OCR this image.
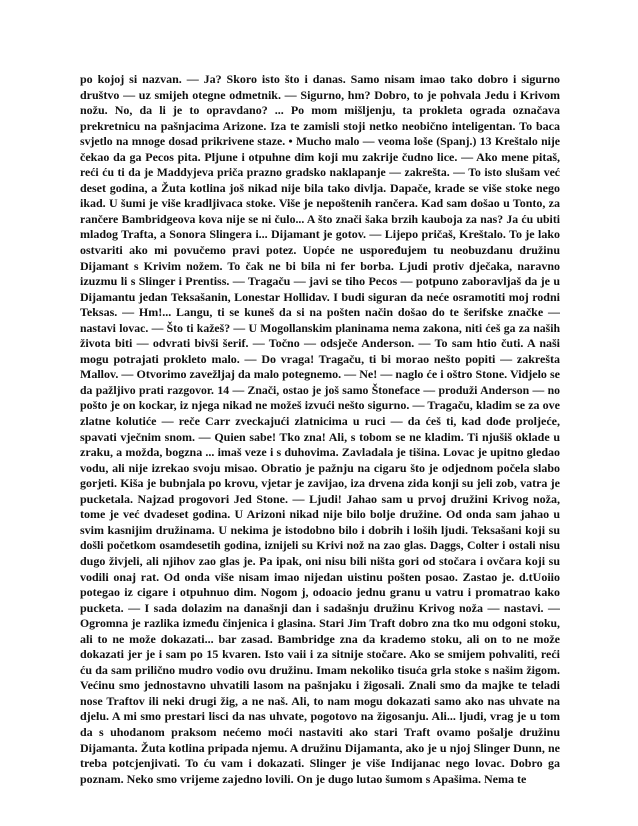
po kojoj si nazvan. — Ja? Skoro isto što i danas. Samo nisam imao tako dobro i sigurno
društvo — uz smijeh otegne odmetnik. — Sigurno, hm? Dobro, to je pohvala Jedu i Krivom
nožu. No, da li je to opravdano? ... Po mom mišljenju, ta prokleta ograda označava
prekretnicu na pašnjacima Arizone. Iza te zamisli stoji netko neobično inteligentan. To baca
svjetlo na mnoge dosad prikrivene staze. • Mucho malo — veoma loše (Spanj.) 13 Kreštalo nije
čekao da ga Pecos pita. Pljune i otpuhne dim koji mu zakrije čudno lice. — Ako mene pitaš,
reći ću ti da je Maddyjeva priča prazno gradsko naklapanje — zakrešta. — To isto slušam već
deset godina, a Žuta kotlina još nikad nije bila tako divlja. Dapače, krade se više stoke nego
ikad. U šumi je više kradljivaca stoke. Više je nepoštenih rančera. Kad sam došao u Tonto, za
rančere Bambridgeova kova nije se ni čulo... A što znači šaka brzih kauboja za nas? Ja ću ubiti
mladog Trafta, a Sonora Slingera i... Dijamant je gotov. — Lijepo pričaš, Kreštalo. To je lako
ostvariti ako mi povučemo pravi potez. Uopće ne uspoređujem tu neobuzdanu družinu
Dijamant s Krivim nožem. To čak ne bi bila ni fer borba. Ljudi protiv dječaka, naravno
izuzmu li s Slinger i Prentiss. — Tragaču — javi se tiho Pecos — potpuno zaboravljaš da je u
Dijamantu jedan Teksašanin, Lonestar Hollidav. I budi siguran da neće osramotiti moj rodni
Teksas. — Hm!... Langu, ti se kuneš da si na pošten način došao do te šerifske značke —
nastavi lovac. — Što ti kažeš? — U Mogollanskim planinama nema zakona, niti ćeš ga za naših
života biti — odvrati bivši šerif. — Točno — odsječe Anderson. — To sam htio čuti. A naši
mogu potrajati prokleto malo. — Do vraga! Tragaču, ti bi morao nešto popiti — zakrešta
Mallov. — Otvorimo zavežljaj da malo potegnemo. — Ne! — naglo će i oštro Stone. Vidjelo se
da pažljivo prati razgovor. 14 — Znači, ostao je još samo Štoneface — produži Anderson — no
pošto je on kockar, iz njega nikad ne možeš izvući nešto sigurno. — Tragaču, kladim se za ove
zlatne kolutiće — reče Carr zveckajući zlatnicima u ruci — da ćeš ti, kad dođe proljeće,
spavati vječnim snom. — Quien sabe! Tko zna! Ali, s tobom se ne kladim. Ti njušiš oklade u
zraku, a možda, bogzna ... imaš veze i s duhovima. Zavladala je tišina. Lovac je upitno gledao
vodu, ali nije izrekao svoju misao. Obratio je pažnju na cigaru što je odjednom počela slabo
gorjeti. Kiša je bubnjala po krovu, vjetar je zavijao, iza drvena zida konji su jeli zob, vatra je
pucketala. Najzad progovori Jed Stone. — Ljudi! Jahao sam u prvoj družini Krivog noža,
tome je već dvadeset godina. U Arizoni nikad nije bilo bolje družine. Od onda sam jahao u
svim kasnijim družinama. U nekima je istodobno bilo i dobrih i loših ljudi. Teksašani koji su
došli početkom osamdesetih godina, iznijeli su Krivi nož na zao glas. Daggs, Colter i ostali nisu
dugo živjeli, ali njihov zao glas je. Pa ipak, oni nisu bili ništa gori od stočara i ovčara koji su
vodili onaj rat. Od onda više nisam imao nijedan uistinu pošten posao. Zastao je. d.tUoiio
potegao iz cigare i otpuhnuo dim. Nogom j, odoacio jednu granu u vatru i promatrao kako
pucketa. — I sada dolazim na današnji dan i sadašnju družinu Krivog noža — nastavi. —
Ogromna je razlika između činjenica i glasina. Stari Jim Traft dobro zna tko mu odgoni stoku,
ali to ne može dokazati... bar zasad. Bambridge zna da krademo stoku, ali on to ne može
dokazati jer je i sam po 15 kvaren. Isto vaii i za sitnije stočare. Ako se smijem pohvaliti, reći
ću da sam prilično mudro vodio ovu družinu. Imam nekoliko tisuća grla stoke s našim žigom.
Većinu smo jednostavno uhvatili lasom na pašnjaku i žigosali. Znali smo da majke te teladi
nose Traftov ili neki drugi žig, a ne naš. Ali, to nam mogu dokazati samo ako nas uhvate na
djelu. A mi smo prestari lisci da nas uhvate, pogotovo na žigosanju. Ali... ljudi, vrag je u tom
da s uhodanom praksom nećemo moći nastaviti ako stari Traft ovamo pošalje družinu
Dijamanta. Žuta kotlina pripada njemu. A družinu Dijamanta, ako je u njoj Slinger Dunn, ne
treba potcjenjivati. To ću vam i dokazati. Slinger je više Indijanac nego lovac. Dobro ga
poznam. Neko smo vrijeme zajedno lovili. On je dugo lutao šumom s Apašima. Nema te
